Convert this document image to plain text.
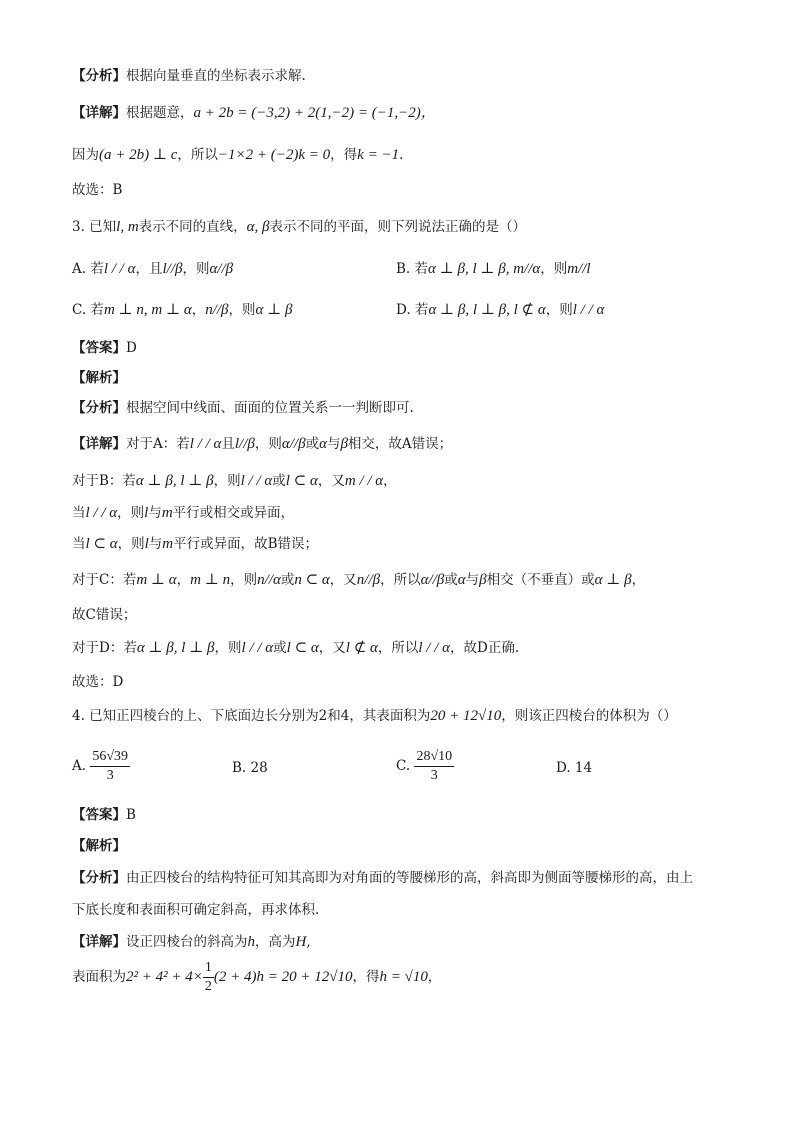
【分析】根据向量垂直的坐标表示求解.
【详解】根据题意，a + 2b = (−3,2) + 2(1,−2) = (−1,−2)，
因为(a + 2b) ⊥ c，所以−1×2 + (−2)k = 0，得k = −1.
故选：B
3. 已知l, m表示不同的直线，α, β表示不同的平面，则下列说法正确的是（）
A. 若l / / α，且l//β，则α//β	B. 若α ⊥ β, l ⊥ β, m//α，则m//l
C. 若m ⊥ n, m ⊥ α，n//β，则α ⊥ β	D. 若α ⊥ β, l ⊥ β, l ⊄ α，则l / / α
【答案】D
【解析】
【分析】根据空间中线面、面面的位置关系一一判断即可.
【详解】对于A：若l / / α且l//β，则α//β或α与β相交，故A错误；
对于B：若α ⊥ β, l ⊥ β，则l / / α或l ⊂ α，又m / / α，
当l / / α，则l与m平行或相交或异面，
当l ⊂ α，则l与m平行或异面，故B错误；
对于C：若m ⊥ α，m ⊥ n，则n//α或n ⊂ α，又n//β，所以α//β或α与β相交（不垂直）或α ⊥ β，
故C错误；
对于D：若α ⊥ β, l ⊥ β，则l / / α或l ⊂ α，又l ⊄ α，所以l / / α，故D正确.
故选：D
4. 已知正四棱台的上、下底面边长分别为2和4，其表面积为20 + 12√10，则该正四棱台的体积为（）
A. $\frac{56√39}{3}$	B. 28	C. $\frac{28√10}{3}$	D. 14
【答案】B
【解析】
【分析】由正四棱台的结构特征可知其高即为对角面的等腰梯形的高，斜高即为侧面等腰梯形的高，由上
下底长度和表面积可确定斜高，再求体积.
【详解】设正四棱台的斜高为h，高为H,
表面积为$2^2 + 4^2 + 4\times \frac{1}{2} (2 + 4)h = 20 + 12√10$，得h = √10，
